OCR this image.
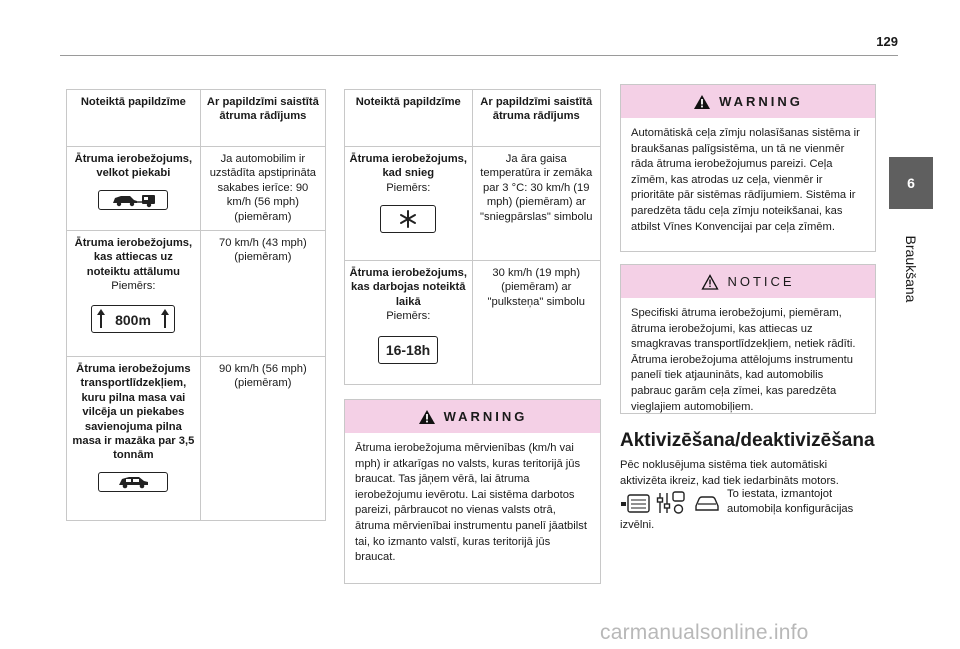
129
6
Braukšana
Noteiktā papildzīme	Ar papildzīmi saistītā ātruma rādījums

Ātruma ierobežojums, velkot piekabi	Ja automobilim ir uzstādīta apstiprināta sakabes ierīce: 90 km/h (56 mph) (piemēram)

Ātruma ierobežojums, kas attiecas uz noteiktu attālumu
Piemērs:
800m	70 km/h (43 mph) (piemēram)

Ātruma ierobežojums transportlīdzekļiem, kuru pilna masa vai vilcēja un piekabes savienojuma pilna masa ir mazāka par 3,5 tonnām	90 km/h (56 mph) (piemēram)
Noteiktā papildzīme	Ar papildzīmi saistītā ātruma rādījums

Ātruma ierobežojums, kad snieg
Piemērs:	Ja āra gaisa temperatūra ir zemāka par 3 °C: 30 km/h (19 mph) (piemēram) ar "sniegpārslas" simbolu

Ātruma ierobežojums, kas darbojas noteiktā laikā
Piemērs:
16-18h	30 km/h (19 mph) (piemēram) ar "pulksteņa" simbolu
WARNING
Ātruma ierobežojuma mērvienības (km/h vai mph) ir atkarīgas no valsts, kuras teritorijā jūs braucat. Tas jāņem vērā, lai ātruma ierobežojumu ievērotu. Lai sistēma darbotos pareizi, pārbraucot no vienas valsts otrā, ātruma mērvienībai instrumentu panelī jāatbilst tai, ko izmanto valstī, kuras teritorijā jūs braucat.
WARNING
Automātiskā ceļa zīmju nolasīšanas sistēma ir braukšanas palīgsistēma, un tā ne vienmēr rāda ātruma ierobežojumus pareizi. Ceļa zīmēm, kas atrodas uz ceļa, vienmēr ir prioritāte pār sistēmas rādījumiem. Sistēma ir paredzēta tādu ceļa zīmju noteikšanai, kas atbilst Vīnes Konvencijai par ceļa zīmēm.
NOTICE
Specifiski ātruma ierobežojumi, piemēram, ātruma ierobežojumi, kas attiecas uz smagkravas transportlīdzekļiem, netiek rādīti. Ātruma ierobežojuma attēlojums instrumentu panelī tiek atjaunināts, kad automobilis pabrauc garām ceļa zīmei, kas paredzēta vieglajiem automobiļiem.
Aktivizēšana/deaktivizēšana
Pēc noklusējuma sistēma tiek automātiski aktivizēta ikreiz, kad tiek iedarbināts motors.
To iestata, izmantojot automobiļa konfigurācijas
izvēlni.
carmanualsonline.info
